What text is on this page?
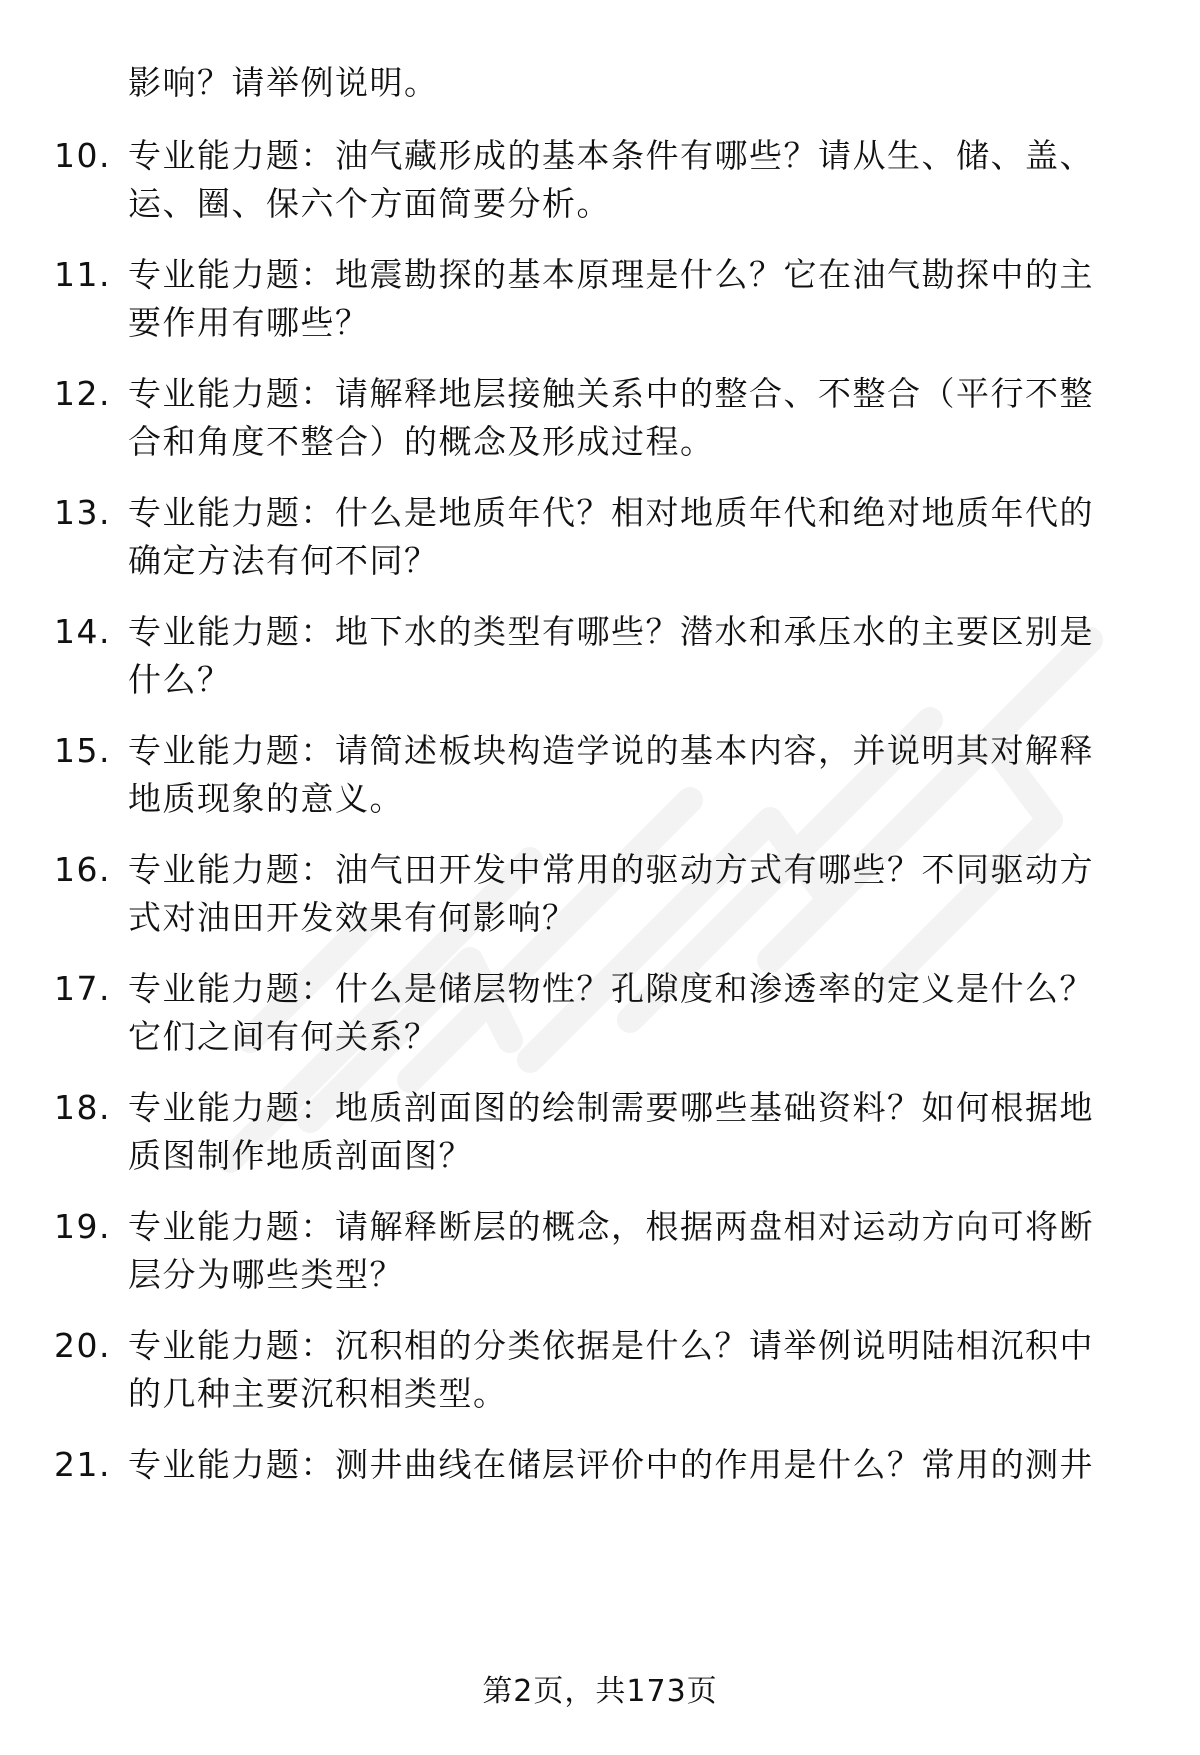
影响？请举例说明。
10. 专业能力题：油气藏形成的基本条件有哪些？请从生、储、盖、
运、圈、保六个方面简要分析。
11. 专业能力题：地震勘探的基本原理是什么？它在油气勘探中的主
要作用有哪些？
12. 专业能力题：请解释地层接触关系中的整合、不整合（平行不整
合和角度不整合）的概念及形成过程。
13. 专业能力题：什么是地质年代？相对地质年代和绝对地质年代的
确定方法有何不同？
14. 专业能力题：地下水的类型有哪些？潜水和承压水的主要区别是
什么？
15. 专业能力题：请简述板块构造学说的基本内容，并说明其对解释
地质现象的意义。
16. 专业能力题：油气田开发中常用的驱动方式有哪些？不同驱动方
式对油田开发效果有何影响？
17. 专业能力题：什么是储层物性？孔隙度和渗透率的定义是什么？
它们之间有何关系？
18. 专业能力题：地质剖面图的绘制需要哪些基础资料？如何根据地
质图制作地质剖面图？
19. 专业能力题：请解释断层的概念，根据两盘相对运动方向可将断
层分为哪些类型？
20. 专业能力题：沉积相的分类依据是什么？请举例说明陆相沉积中
的几种主要沉积相类型。
21. 专业能力题：测井曲线在储层评价中的作用是什么？常用的测井
第2页，共173页
